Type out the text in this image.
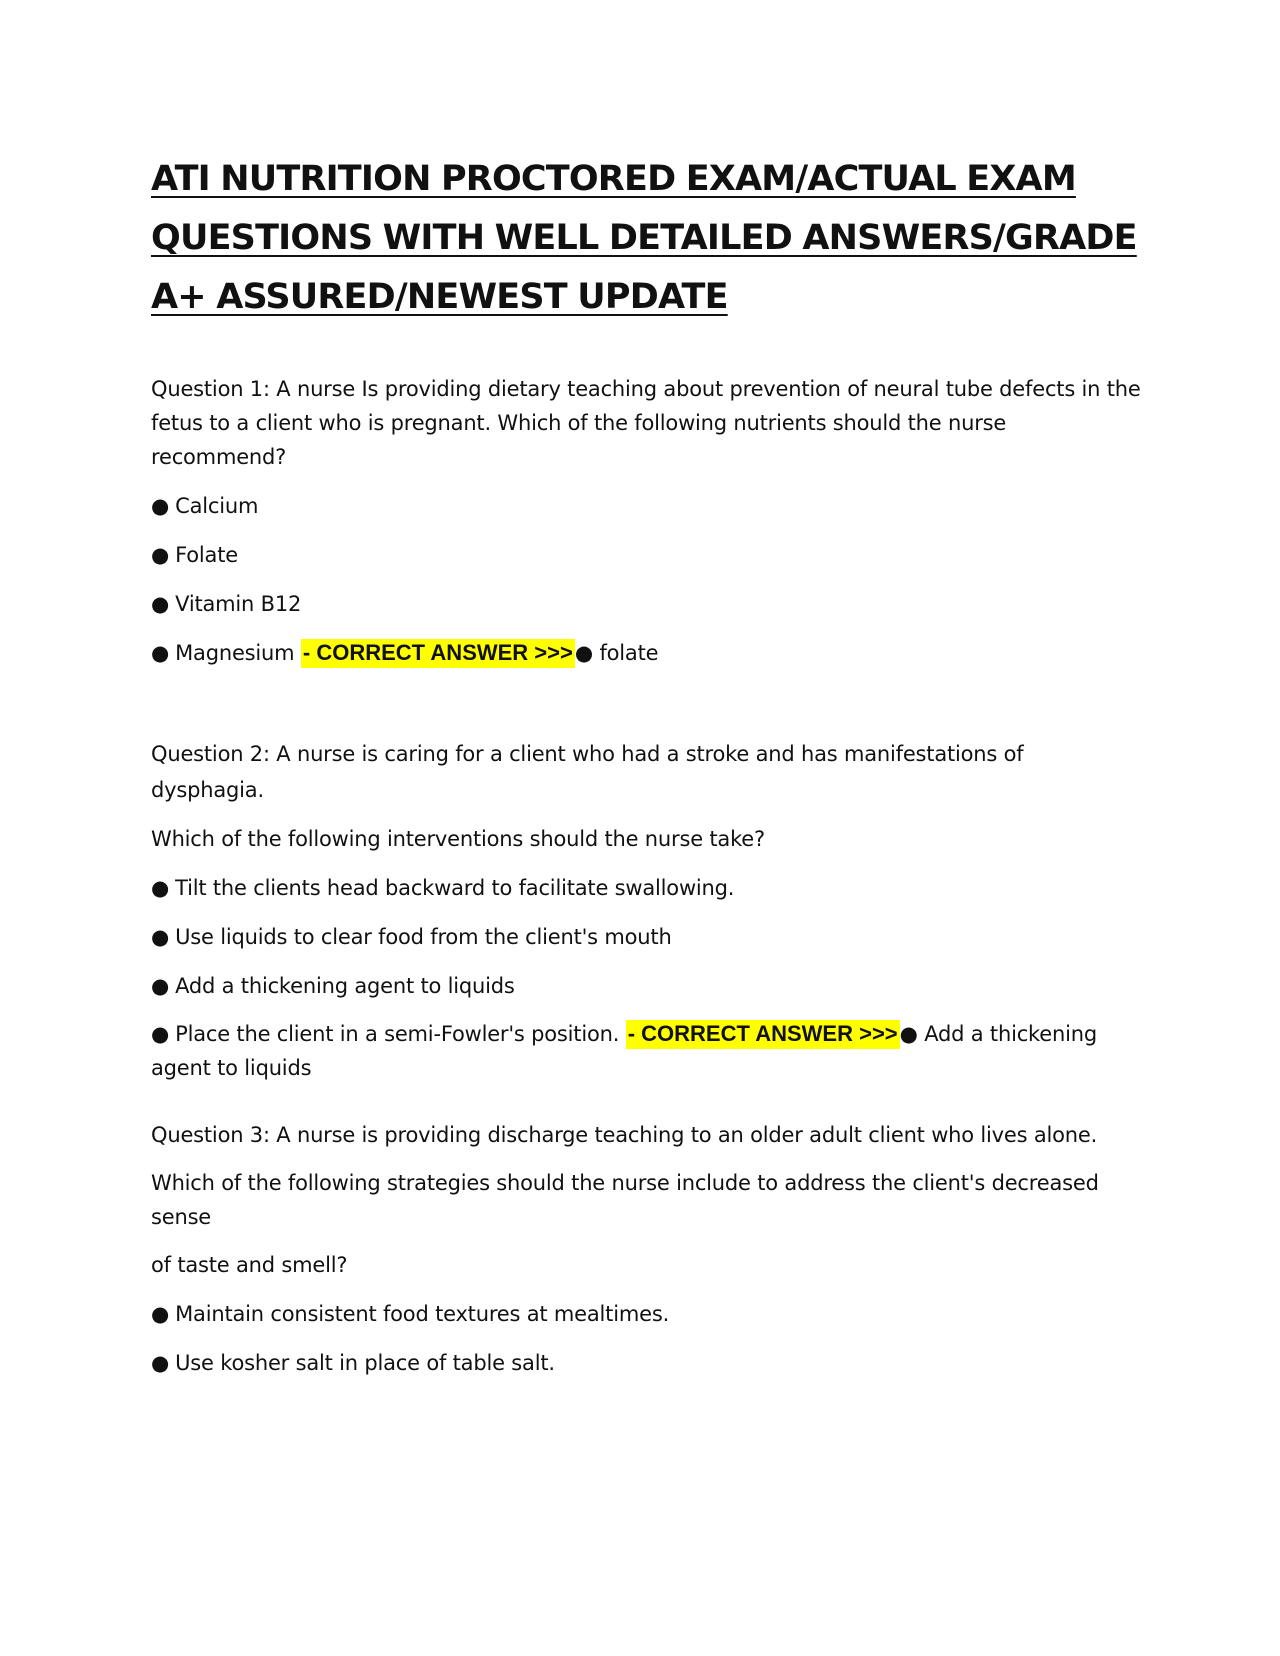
ATI NUTRITION PROCTORED EXAM/ACTUAL EXAM QUESTIONS WITH WELL DETAILED ANSWERS/GRADE A+ ASSURED/NEWEST UPDATE

Question 1: A nurse Is providing dietary teaching about prevention of neural tube defects in the fetus to a client who is pregnant. Which of the following nutrients should the nurse recommend?

● Calcium

● Folate

● Vitamin B12

● Magnesium - CORRECT ANSWER >>>● folate

Question 2: A nurse is caring for a client who had a stroke and has manifestations of dysphagia.

Which of the following interventions should the nurse take?

● Tilt the clients head backward to facilitate swallowing.

● Use liquids to clear food from the client's mouth

● Add a thickening agent to liquids

● Place the client in a semi-Fowler's position. - CORRECT ANSWER >>>● Add a thickening agent to liquids

Question 3: A nurse is providing discharge teaching to an older adult client who lives alone.

Which of the following strategies should the nurse include to address the client's decreased sense

of taste and smell?

● Maintain consistent food textures at mealtimes.

● Use kosher salt in place of table salt.
